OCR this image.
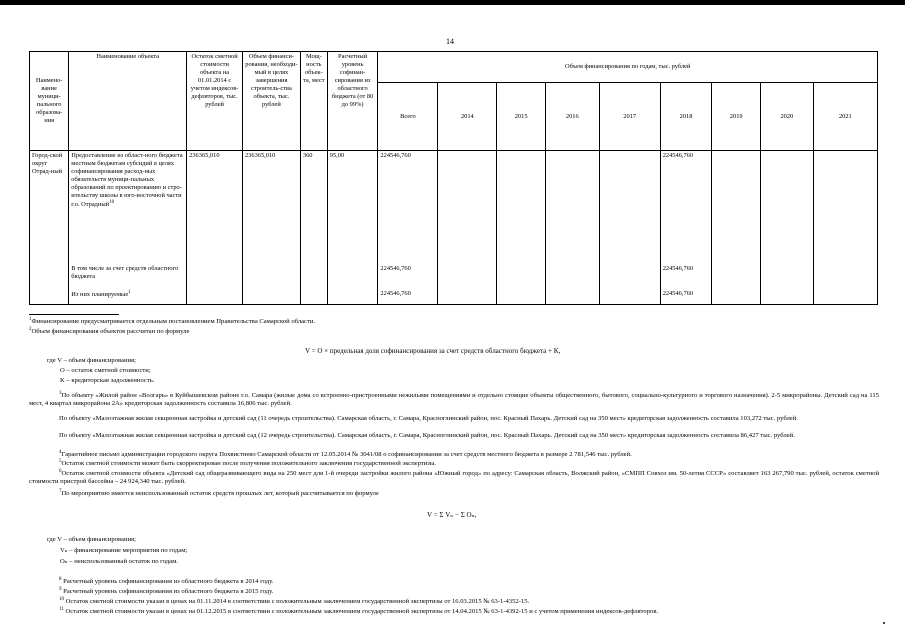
14
Наимено-вание муници-пального образова-ния	Наименование объекта	Остаток сметной стоимости объекта на 01.01.2014 с учетом индексов-дефляторов, тыс. рублей	Объем финанси-рования, необходи-мый в целях завершения строитель-ства объекта, тыс. рублей	Мощ-ность объек-та, мест	Расчетный уровень софинан-сирования из областного бюджета (от 80 до 99%)	Объем финансирования по годам, тыс. рублей								
						Всего	2014	2015	2016	2017	2018	2019	2020	2021
Город-ской округ Отрад-ный	Предоставление из област-ного бюджета местным бюджетам субсидий в целях софинансирования расход-ных обязательств муници-пальных образований по проектированию и стро-ительству школы в юго-восточной части г.о. Отрадный$^{10}$	236365,010	236365,010	360	95,00	224546,760					224546,760			
	В том числе за счет средств областного бюджета					224546,760					224546,760			
	Из них планируемые$^1$					224546,760					224546,760			
$^1$Финансирование предусматривается отдельным постановлением Правительства Самарской области.
$^2$Объем финансирования объектов рассчитан по формуле
V = O × предельная доля софинансирования за счет средств областного бюджета + K,
где V – объем финансирования;
O – остаток сметной стоимости;
K – кредиторская задолженность.
$^3$По объекту «Жилой район «Волгарь» в Куйбышевском районе г.о. Самара (жилые дома со встроенно-пристроенными нежилыми помещениями и отдельно стоящие объекты общественного, бытового, социально-культурного и торгового назначения). 2-5 микрорайоны. Детский сад на 115 мест, 4 квартал микрорайона 2А» кредиторская задолженность составила 16,806 тыс. рублей.
По объекту «Малоэтажная жилая секционная застройка и детский сад (11 очередь строительства). Самарская область, г. Самара, Красноглинский район, пос. Красный Пахарь. Детский сад на 350 мест» кредиторская задолженность составила 103,272 тыс. рублей.
По объекту «Малоэтажная жилая секционная застройка и детский сад (12 очередь строительства). Самарская область, г. Самара, Красноглинский район, пос. Красный Пахарь. Детский сад на 350 мест» кредиторская задолженность составила 86,427 тыс. рублей.
$^4$Гарантийное письмо администрации городского округа Похвистнево Самарской области от 12.05.2014 № 3041/08 о софинансировании за счет средств местного бюджета в размере 2 781,546 тыс. рублей.
$^5$Остаток сметной стоимости может быть скорректирован после получения положительного заключения государственной экспертизы.
$^6$Остаток сметной стоимости объекта «Детский сад общеразвивающего вида на 250 мест для 1-й очереди застройки жилого района «Южный город» по адресу: Самарская область, Волжский район, «СМПП Совхоз им. 50-летия СССР» составляет 163 267,790 тыс. рублей, остаток сметной стоимости пристрой бассейна – 24 924,340 тыс. рублей.
$^7$По мероприятию имеется неиспользованный остаток средств прошлых лет, который рассчитывается по формуле
V = Σ Vₙ − Σ Oₙ,
где V – объем финансирования;
Vₙ – финансирование мероприятия по годам;
Oₙ – неиспользованный остаток по годам.
$^8$ Расчетный уровень софинансирования из областного бюджета в 2014 году.
$^9$ Расчетный уровень софинансирования из областного бюджета в 2015 году.
$^{10}$ Остаток сметной стоимости указан в ценах на 01.11.2014 в соответствии с положительным заключением государственной экспертизы от 16.03.2015 № 63-1-4352-15.
$^{11}$ Остаток сметной стоимости указан в ценах на 01.12.2015 в соответствии с положительным заключением государственной экспертизы от 14.04.2015 № 63-1-4392-15 и с учетом применения индексов-дефляторов.
